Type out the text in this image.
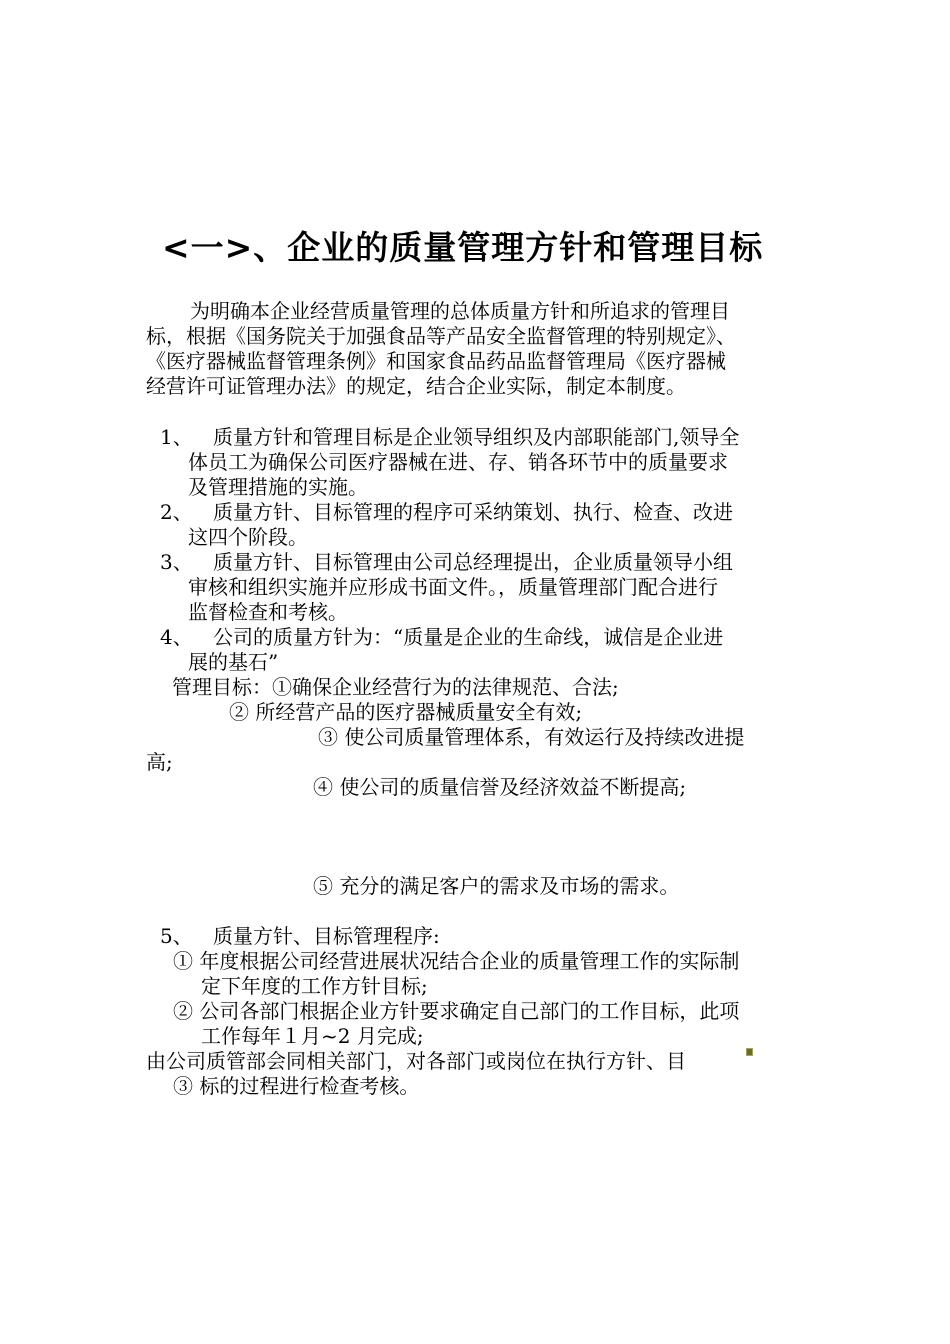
<一>、企业的质量管理方针和管理目标
为明确本企业经营质量管理的总体质量方针和所追求的管理目
标，根据《国务院关于加强食品等产品安全监督管理的特别规定》、
《医疗器械监督管理条例》和国家食品药品监督管理局《医疗器械
经营许可证管理办法》的规定，结合企业实际，制定本制度。
1、 质量方针和管理目标是企业领导组织及内部职能部门,领导全
体员工为确保公司医疗器械在进、存、销各环节中的质量要求
及管理措施的实施。
2、 质量方针、目标管理的程序可采纳策划、执行、检查、改进
这四个阶段。
3、 质量方针、目标管理由公司总经理提出，企业质量领导小组
审核和组织实施并应形成书面文件。，质量管理部门配合进行
监督检查和考核。
4、 公司的质量方针为：“质量是企业的生命线，诚信是企业进
展的基石”
管理目标：①确保企业经营行为的法律规范、合法;
② 所经营产品的医疗器械质量安全有效;
③ 使公司质量管理体系，有效运行及持续改进提
高;
④ 使公司的质量信誉及经济效益不断提高;
⑤ 充分的满足客户的需求及市场的需求。
5、 质量方针、目标管理程序:
① 年度根据公司经营进展状况结合企业的质量管理工作的实际制
定下年度的工作方针目标;
② 公司各部门根据企业方针要求确定自己部门的工作目标，此项
工作每年１月~2 月完成;
由公司质管部会同相关部门，对各部门或岗位在执行方针、目
③ 标的过程进行检查考核。
